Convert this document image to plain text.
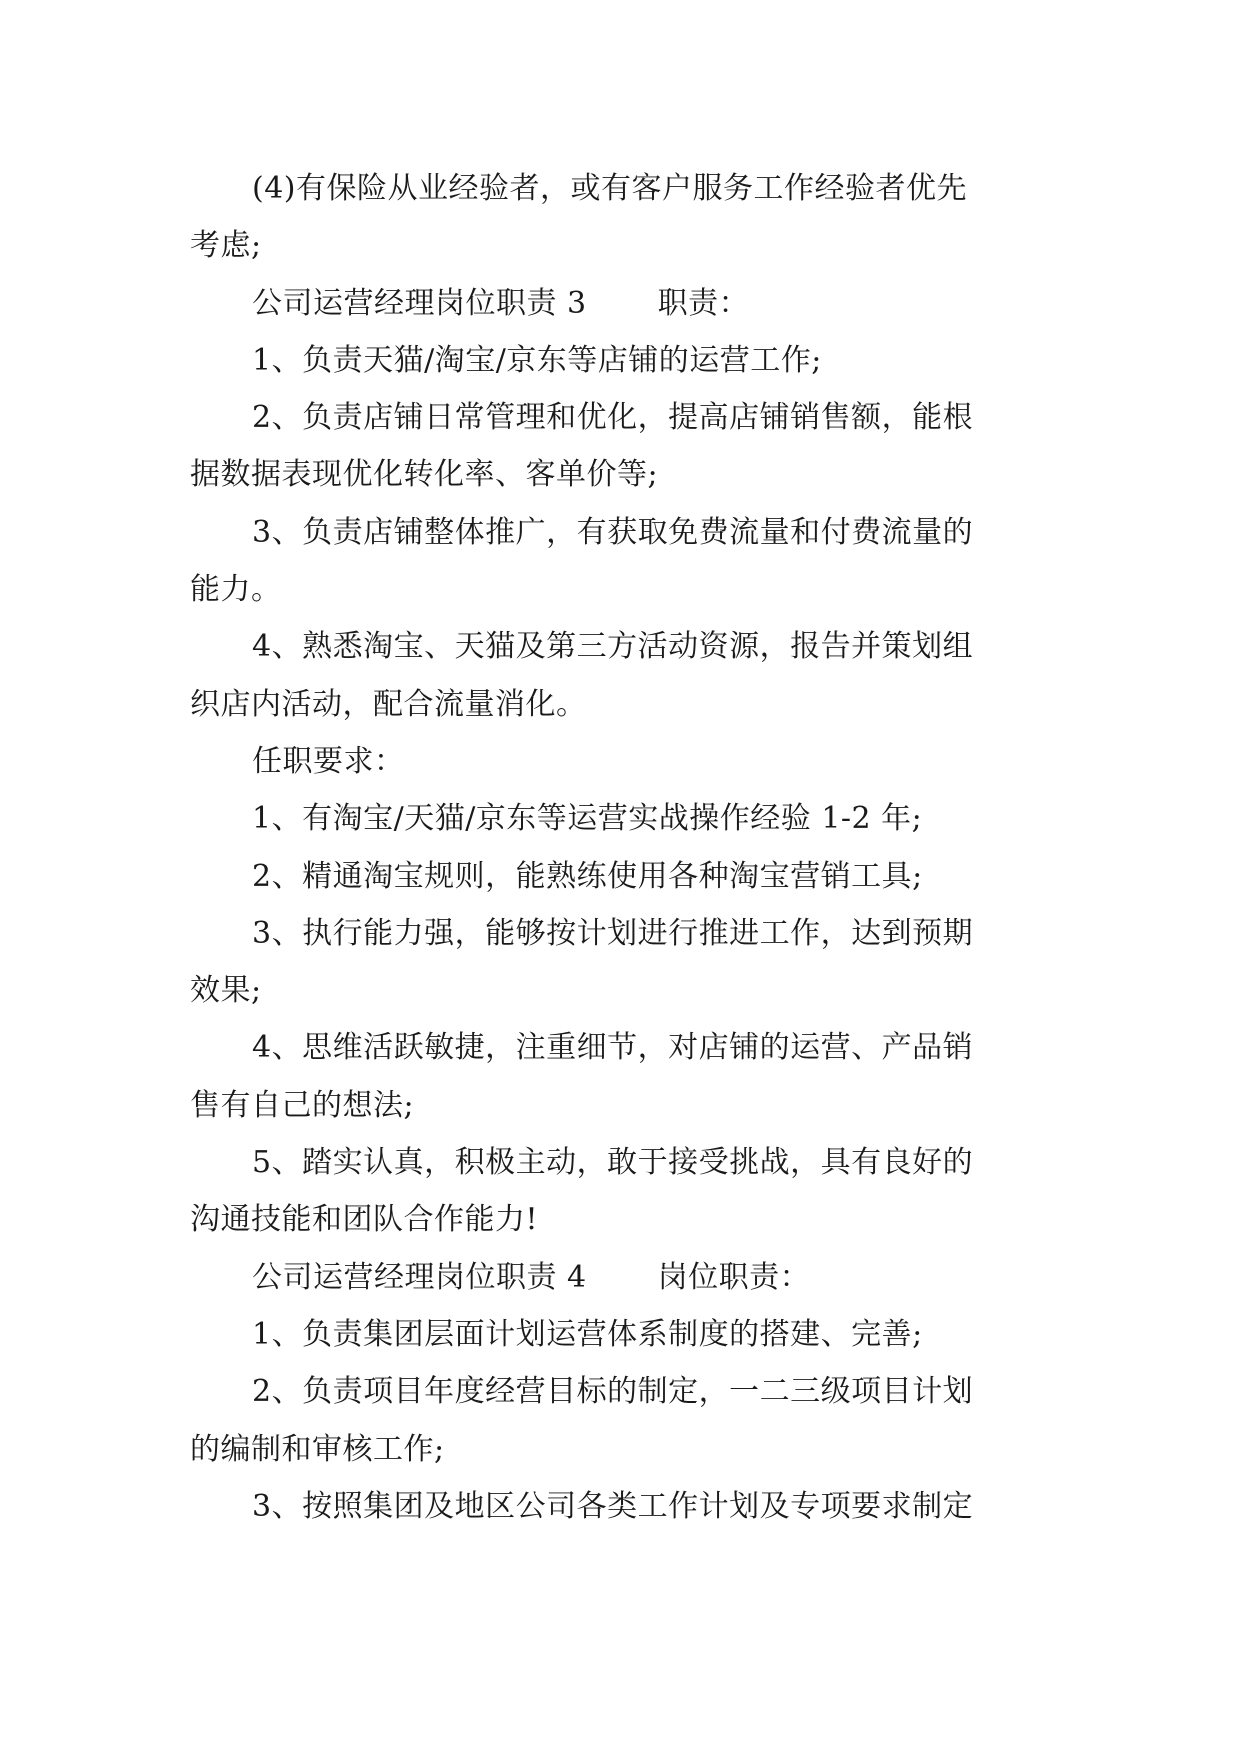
(4)有保险从业经验者，或有客户服务工作经验者优先
考虑;
公司运营经理岗位职责 3　　 职责：
1、负责天猫/淘宝/京东等店铺的运营工作;
2、负责店铺日常管理和优化，提高店铺销售额，能根
据数据表现优化转化率、客单价等;
3、负责店铺整体推广，有获取免费流量和付费流量的
能力。
4、熟悉淘宝、天猫及第三方活动资源，报告并策划组
织店内活动，配合流量消化。
任职要求：
1、有淘宝/天猫/京东等运营实战操作经验 1-2 年;
2、精通淘宝规则，能熟练使用各种淘宝营销工具;
3、执行能力强，能够按计划进行推进工作，达到预期
效果;
4、思维活跃敏捷，注重细节，对店铺的运营、产品销
售有自己的想法;
5、踏实认真，积极主动，敢于接受挑战，具有良好的
沟通技能和团队合作能力!
公司运营经理岗位职责 4　　 岗位职责：
1、负责集团层面计划运营体系制度的搭建、完善;
2、负责项目年度经营目标的制定，一二三级项目计划
的编制和审核工作;
3、按照集团及地区公司各类工作计划及专项要求制定
